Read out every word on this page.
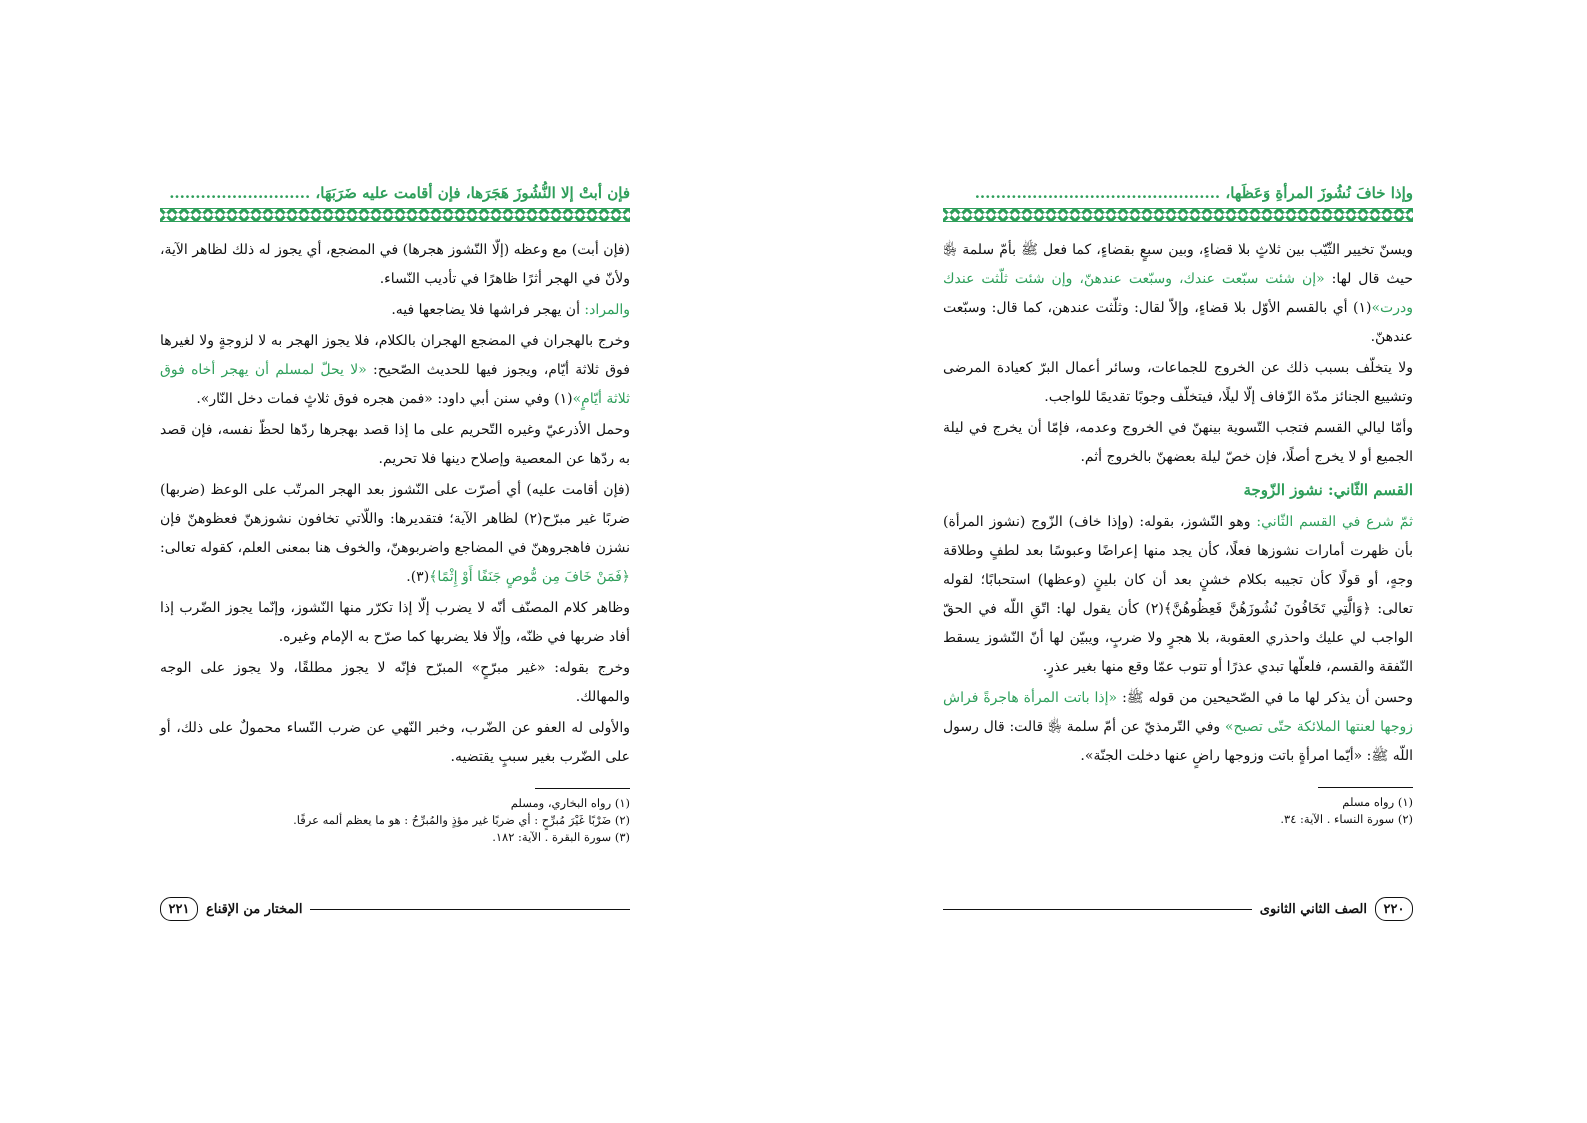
فإن أبتْ إلا النُّشُوزَ هَجَرَها، فإن أقامت عليه ضَرَبَهَا، ...........................

(فإن أبت) مع وعظه (إلّا النّشوز هجرها) في المضجع، أي يجوز له ذلك لظاهر الآية، ولأنّ في الهجر أثرًا ظاهرًا في تأديب النّساء.

والمراد: أن يهجر فراشها فلا يضاجعها فيه.

وخرج بالهجران في المضجع الهجران بالكلام، فلا يجوز الهجر به لا لزوجةٍ ولا لغيرها فوق ثلاثة أيّام، ويجوز فيها للحديث الصّحيح: «لا يحلّ لمسلم أن يهجر أخاه فوق ثلاثة أيّامٍ»(١) وفي سنن أبي داود: «فمن هجره فوق ثلاثٍ فمات دخل النّار».

وحمل الأذرعيّ وغيره التّحريم على ما إذا قصد بهجرها ردّها لحظّ نفسه، فإن قصد به ردّها عن المعصية وإصلاح دينها فلا تحريم.

(فإن أقامت عليه) أي أصرّت على النّشوز بعد الهجر المرتّب على الوعظ (ضربها) ضربًا غير مبرّح(٢) لظاهر الآية؛ فتقديرها: واللّاتي تخافون نشوزهنّ فعظوهنّ فإن نشزن فاهجروهنّ في المضاجع واضربوهنّ، والخوف هنا بمعنى العلم، كقوله تعالى: ﴿فَمَنْ خَافَ مِن مُّوصٍ جَنَفًا أَوْ إِثْمًا﴾(٣).

وظاهر كلام المصنّف أنّه لا يضرب إلّا إذا تكرّر منها النّشوز، وإنّما يجوز الضّرب إذا أفاد ضربها في ظنّه، وإلّا فلا يضربها كما صرّح به الإمام وغيره.

وخرج بقوله: «غير مبرّحٍ» المبرّح فإنّه لا يجوز مطلقًا، ولا يجوز على الوجه والمهالك.

والأولى له العفو عن الضّرب، وخبر النّهي عن ضرب النّساء محمولٌ على ذلك، أو على الضّرب بغير سببٍ يقتضيه.

(١) رواه البخاري، ومسلم

(٢) ضَرْبًا غَيْرَ مُبرِّحٍ : أي ضربًا غير مؤذٍ والمُبرِّحُ : هو ما يعظم ألمه عرفًا.

(٣) سورة البقرة . الآية: ١٨٢.

المختار من الإقناع
٢٢١
وإذا خافَ نُشُوزَ المرأةِ وَعَظَها، ...............................................

ويسنّ تخيير الثّيّب بين ثلاثٍ بلا قضاءٍ، وبين سبعٍ بقضاءٍ، كما فعل ﷺ بأمّ سلمة ﵂ حيث قال لها: «إن شئت سبّعت عندك، وسبّعت عندهنّ، وإن شئت ثلّثت عندك ودرت»(١) أي بالقسم الأوّل بلا قضاءٍ، وإلاّ لقال: وثلّثت عندهن، كما قال: وسبّعت عندهنّ.

ولا يتخلّف بسبب ذلك عن الخروج للجماعات، وسائر أعمال البرّ كعيادة المرضى وتشييع الجنائز مدّة الزّفاف إلّا ليلًا، فيتخلّف وجوبًا تقديمًا للواجب.

وأمّا ليالي القسم فتجب التّسوية بينهنّ في الخروج وعدمه، فإمّا أن يخرج في ليلة الجميع أو لا يخرج أصلًا، فإن خصّ ليلة بعضهنّ بالخروج أثم.

القسم الثّاني: نشوز الزّوجة

ثمّ شرع في القسم الثّاني: وهو النّشوز، بقوله: (وإذا خاف) الزّوج (نشوز المرأة) بأن ظهرت أمارات نشوزها فعلًا، كأن يجد منها إعراضًا وعبوسًا بعد لطفٍ وطلاقة وجهٍ، أو قولًا كأن تجيبه بكلام خشنٍ بعد أن كان بلينٍ (وعظها) استحبابًا؛ لقوله تعالى: ﴿وَالَّتِي تَخَافُونَ نُشُوزَهُنَّ فَعِظُوهُنَّ﴾(٢) كأن يقول لها: اتّقِ اللّه في الحقّ الواجب لي عليك واحذري العقوبة، بلا هجرٍ ولا ضربٍ، ويبيّن لها أنّ النّشوز يسقط النّفقة والقسم، فلعلّها تبدي عذرًا أو تتوب عمّا وقع منها بغير عذرٍ.

وحسن أن يذكر لها ما في الصّحيحين من قوله ﷺ: «إذا باتت المرأة هاجرةً فراش زوجها لعنتها الملائكة حتّى تصبح» وفي التّرمذيّ عن أمّ سلمة ﵂ قالت: قال رسول اللّه ﷺ: «أيّما امرأةٍ باتت وزوجها راضٍ عنها دخلت الجنّة».

(١) رواه مسلم

(٢) سورة النساء . الآية: ٣٤.

٢٢٠
الصف الثاني الثانوى
